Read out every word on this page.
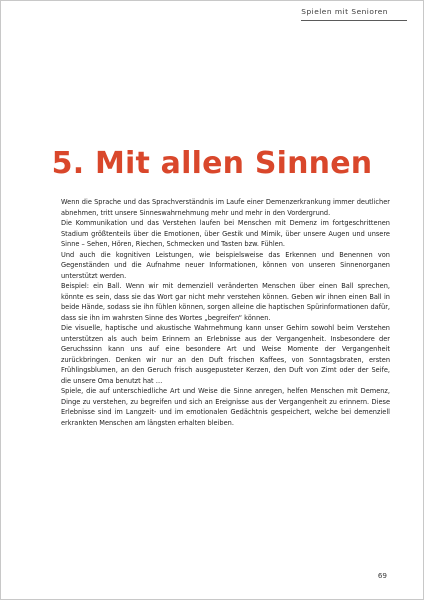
Spielen mit Senioren
5. Mit allen Sinnen

Wenn die Sprache und das Sprachverständnis im Laufe einer Demenzerkrankung immer deutlicher abnehmen, tritt unsere Sinneswahrnehmung mehr und mehr in den Vordergrund.

Die Kommunikation und das Verstehen laufen bei Menschen mit Demenz im fortgeschrittenen Stadium größtenteils über die Emotionen, über Gestik und Mimik, über unsere Augen und unsere Sinne – Sehen, Hören, Riechen, Schmecken und Tasten bzw. Fühlen.

Und auch die kognitiven Leistungen, wie beispielsweise das Erkennen und Benennen von Gegenständen und die Aufnahme neuer Informationen, können von unseren Sinnenorganen unterstützt werden.

Beispiel: ein Ball. Wenn wir mit demenziell veränderten Menschen über einen Ball sprechen, könnte es sein, dass sie das Wort gar nicht mehr verstehen können. Geben wir ihnen einen Ball in beide Hände, sodass sie ihn fühlen können, sorgen alleine die haptischen Spürinformationen dafür, dass sie ihn im wahrsten Sinne des Wortes „begreifen“ können.

Die visuelle, haptische und akustische Wahrnehmung kann unser Gehirn sowohl beim Verstehen unterstützen als auch beim Erinnern an Erlebnisse aus der Vergangenheit. Insbesondere der Geruchssinn kann uns auf eine besondere Art und Weise Momente der Vergangenheit zurückbringen. Denken wir nur an den Duft frischen Kaffees, von Sonntagsbraten, ersten Frühlingsblumen, an den Geruch frisch ausgepusteter Kerzen, den Duft von Zimt oder der Seife, die unsere Oma benutzt hat …

Spiele, die auf unterschiedliche Art und Weise die Sinne anregen, helfen Menschen mit Demenz, Dinge zu verstehen, zu begreifen und sich an Ereignisse aus der Vergangenheit zu erinnern. Diese Erlebnisse sind im Langzeit- und im emotionalen Gedächtnis gespeichert, welche bei demenziell erkrankten Menschen am längsten erhalten bleiben.

69
